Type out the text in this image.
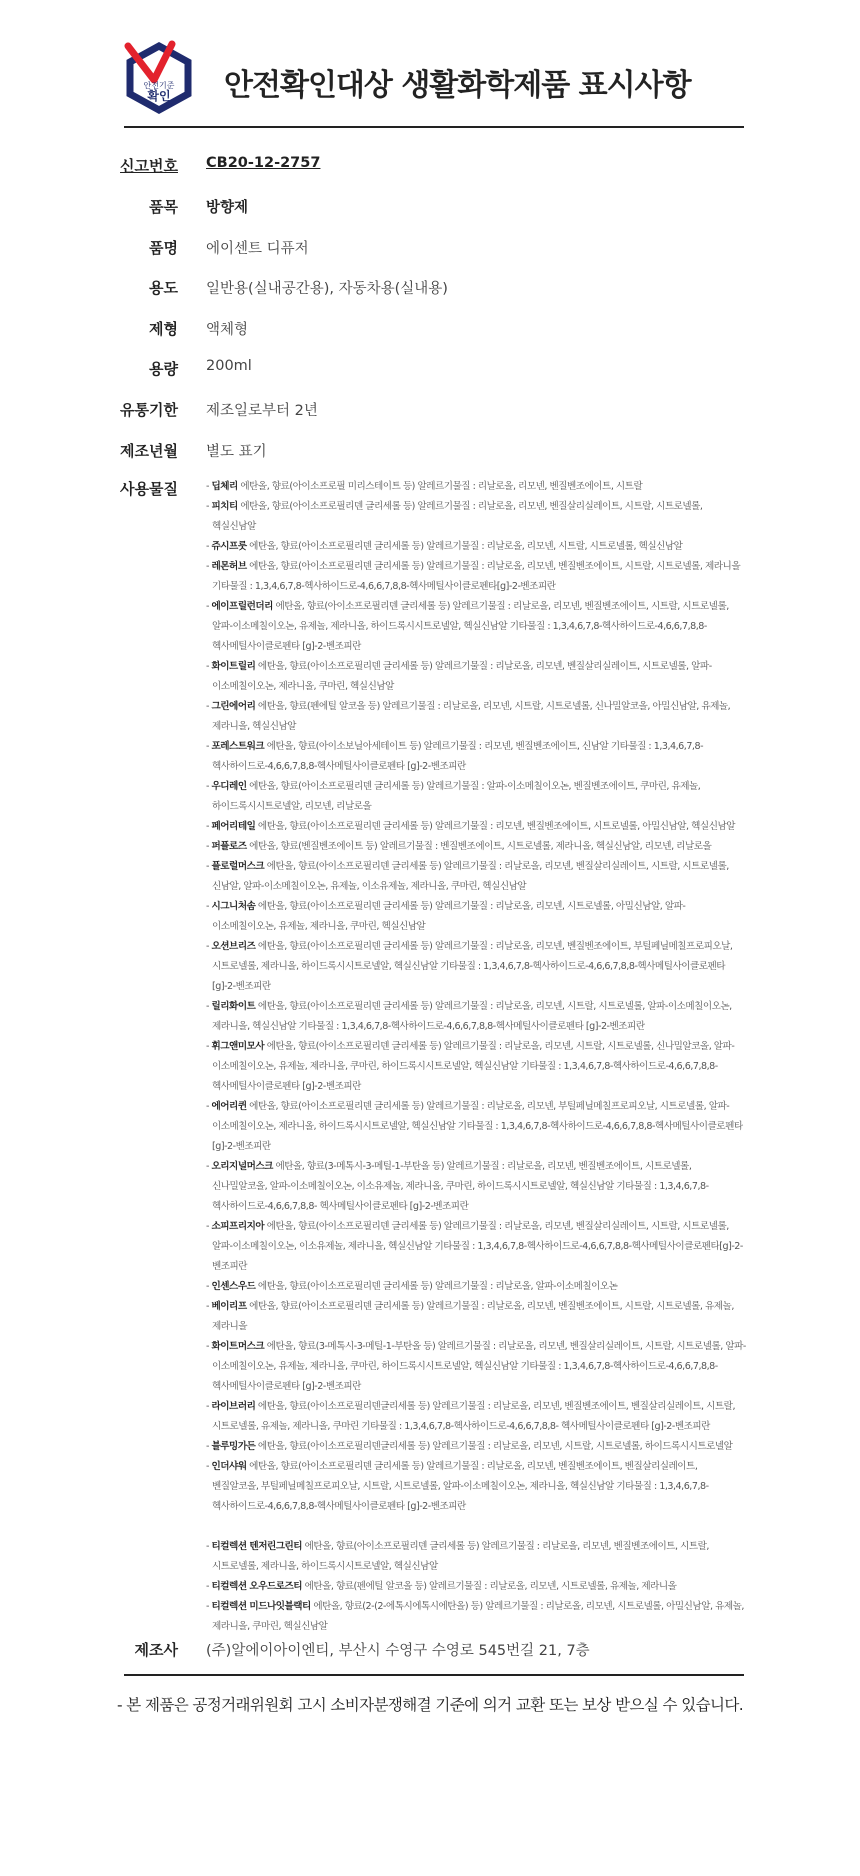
안전기준
확인 안전확인대상 생활화학제품 표시사항
신고번호 CB20-12-2757
품목 방향제
품명 에이센트 디퓨저
용도 일반용(실내공간용), 자동차용(실내용)
제형 액체형
용량 200ml
유통기한 제조일로부터 2년
제조년월 별도 표기
사용물질	- 딥체리 에탄올, 향료(아이소프로필 미리스테이트 등) 알레르기물질 : 리날로올, 리모넨, 벤질벤조에이트, 시트랄
- 피치티 에탄올, 향료(아이소프로필리덴 글리세롤 등) 알레르기물질 : 리날로올, 리모넨, 벤질살리실레이트, 시트랄, 시트로넬롤, 헥실신남알
- 쥬시프룻 에탄올, 향료(아이소프로필리덴 글리세롤 등) 알레르기물질 : 리날로올, 리모넨, 시트랄, 시트로넬롤, 헥실신남알
- 레몬허브 에탄올, 향료(아이소프로필리덴 글리세롤 등) 알레르기물질 : 리날로올, 리모넨, 벤질벤조에이트, 시트랄, 시트로넬롤, 제라니올 기타물질 : 1,3,4,6,7,8-헥사하이드로-4,6,6,7,8,8-헥사메틸사이클로펜타[g]-2-벤조피란
- 에이프릴런더리 에탄올, 향료(아이소프로필리덴 글리세롤 등) 알레르기물질 : 리날로올, 리모넨, 벤질벤조에이트, 시트랄, 시트로넬롤, 알파-이소메칠이오논, 유제놀, 제라니올, 하이드록시시트로넬알, 헥실신남알 기타물질 : 1,3,4,6,7,8-헥사하이드로-4,6,6,7,8,8-헥사메틸사이클로펜타 [g]-2-벤조피란
- 화이트릴리 에탄올, 향료(아이소프로필리덴 글리세롤 등) 알레르기물질 : 리날로올, 리모넨, 벤질살리실레이트, 시트로넬롤, 알파-이소메칠이오논, 제라니올, 쿠마린, 헥실신남알
- 그린에어리 에탄올, 향료(펜에틸 알코올 등) 알레르기물질 : 리날로올, 리모넨, 시트랄, 시트로넬롤, 신나밀알코올, 아밀신남알, 유제놀, 제라니올, 헥실신남알
- 포레스트워크 에탄올, 향료(아이소보닐아세테이트 등) 알레르기물질 : 리모넨, 벤질벤조에이트, 신남알 기타물질 : 1,3,4,6,7,8-헥사하이드로-4,6,6,7,8,8-헥사메틸사이클로펜타 [g]-2-벤조피란
- 우디레인 에탄올, 향료(아이소프로필리덴 글리세롤 등) 알레르기물질 : 알파-이소메칠이오논, 벤질벤조에이트, 쿠마린, 유제놀, 하이드록시시트로넬알, 리모넨, 리날로올
- 페어리테일 에탄올, 향료(아이소프로필리덴 글리세롤 등) 알레르기물질 : 리모넨, 벤질벤조에이트, 시트로넬롤, 아밀신남알, 헥실신남알
- 퍼플로즈 에탄올, 향료(벤질벤조에이트 등) 알레르기물질 : 벤질벤조에이트, 시트로넬롤, 제라니올, 헥실신남알, 리모넨, 리날로올
- 플로럴머스크 에탄올, 향료(아이소프로필리덴 글리세롤 등) 알레르기물질 : 리날로올, 리모넨, 벤질살리실레이트, 시트랄, 시트로넬롤, 신남알, 알파-이소메칠이오논, 유제놀, 이소유제놀, 제라니올, 쿠마린, 헥실신남알
- 시그니처솜 에탄올, 향료(아이소프로필리덴 글리세롤 등) 알레르기물질 : 리날로올, 리모넨, 시트로넬롤, 아밀신남알, 알파-이소메칠이오논, 유제놀, 제라니올, 쿠마린, 헥실신남알
- 오션브리즈 에탄올, 향료(아이소프로필리덴 글리세롤 등) 알레르기물질 : 리날로올, 리모넨, 벤질벤조에이트, 부틸페닐메칠프로피오날, 시트로넬롤, 제라니올, 하이드록시시트로넬알, 헥실신남알 기타물질 : 1,3,4,6,7,8-헥사하이드로-4,6,6,7,8,8-헥사메틸사이클로펜타[g]-2-벤조피란
- 릴리화이트 에탄올, 향료(아이소프로필리덴 글리세롤 등) 알레르기물질 : 리날로올, 리모넨, 시트랄, 시트로넬롤, 알파-이소메칠이오논, 제라니올, 헥실신남알 기타물질 : 1,3,4,6,7,8-헥사하이드로-4,6,6,7,8,8-헥사메틸사이클로펜타 [g]-2-벤조피란
- 휘그앤미모사 에탄올, 향료(아이소프로필리덴 글리세롤 등) 알레르기물질 : 리날로올, 리모넨, 시트랄, 시트로넬롤, 신나밀알코올, 알파-이소메칠이오논, 유제놀, 제라니올, 쿠마린, 하이드록시시트로넬알, 헥실신남알 기타물질 : 1,3,4,6,7,8-헥사하이드로-4,6,6,7,8,8-헥사메틸사이클로펜타 [g]-2-벤조피란
- 에어리퀸 에탄올, 향료(아이소프로필리덴 글리세롤 등) 알레르기물질 : 리날로올, 리모넨, 부틸페닐메칠프로피오날, 시트로넬롤, 알파-이소메칠이오논, 제라니올, 하이드록시시트로넬알, 헥실신남알 기타물질 : 1,3,4,6,7,8-헥사하이드로-4,6,6,7,8,8-헥사메틸사이클로펜타[g]-2-벤조피란
- 오리지널머스크 에탄올, 향료(3-메톡시-3-메틸-1-부탄올 등) 알레르기물질 : 리날로올, 리모넨, 벤질벤조에이트, 시트로넬롤, 신나밀알코올, 알파-이소메칠이오논, 이소유제놀, 제라니올, 쿠마린, 하이드록시시트로넬알, 헥실신남알 기타물질 : 1,3,4,6,7,8-헥사하이드로-4,6,6,7,8,8- 헥사메틸사이클로펜타 [g]-2-벤조피란
- 소피프리지아 에탄올, 향료(아이소프로필리덴 글리세롤 등) 알레르기물질 : 리날로올, 리모넨, 벤질살리실레이트, 시트랄, 시트로넬롤, 알파-이소메칠이오논, 이소유제놀, 제라니올, 헥실신남알 기타물질 : 1,3,4,6,7,8-헥사하이드로-4,6,6,7,8,8-헥사메틸사이클로펜타[g]-2-벤조피란
- 인센스우드 에탄올, 향료(아이소프로필리덴 글리세롤 등) 알레르기물질 : 리날로올, 알파-이소메칠이오논
- 베이리프 에탄올, 향료(아이소프로필리덴 글리세롤 등) 알레르기물질 : 리날로올, 리모넨, 벤질벤조에이트, 시트랄, 시트로넬롤, 유제놀, 제라니올
- 화이트머스크 에탄올, 향료(3-메톡시-3-메틸-1-부탄올 등) 알레르기물질 : 리날로올, 리모넨, 벤질살리실레이트, 시트랄, 시트로넬롤, 알파-이소메칠이오논, 유제놀, 제라니올, 쿠마린, 하이드록시시트로넬알, 헥실신남알 기타물질 : 1,3,4,6,7,8-헥사하이드로-4,6,6,7,8,8- 헥사메틸사이클로펜타 [g]-2-벤조피란
- 라이브러리 에탄올, 향료(아이소프로필리덴글리세롤 등) 알레르기물질 : 리날로올, 리모넨, 벤질벤조에이트, 벤질살리실레이트, 시트랄, 시트로넬롤, 유제놀, 제라니올, 쿠마린 기타물질 : 1,3,4,6,7,8-헥사하이드로-4,6,6,7,8,8- 헥사메틸사이클로펜타 [g]-2-벤조피란
- 블루밍가든 에탄올, 향료(아이소프로필리덴글리세롤 등) 알레르기물질 : 리날로올, 리모넨, 시트랄, 시트로넬롤, 하이드록시시트로넬알
- 인더샤워 에탄올, 향료(아이소프로필리덴 글리세롤 등) 알레르기물질 : 리날로올, 리모넨, 벤질벤조에이트, 벤질살리실레이트, 벤질알코올, 부틸페닐메칠프로피오날, 시트랄, 시트로넬롤, 알파-이소메칠이오논, 제라니올, 헥실신남알 기타물질 : 1,3,4,6,7,8-헥사하이드로-4,6,6,7,8,8-헥사메틸사이클로펜타 [g]-2-벤조피란
- 티컬렉션 텐저린그린티 에탄올, 향료(아이소프로필리덴 글리세롤 등) 알레르기물질 : 리날로올, 리모넨, 벤질벤조에이트, 시트랄, 시트로넬롤, 제라니올, 하이드록시시트로넬알, 헥실신남알
- 티컬렉션 오우드로즈티 에탄올, 향료(펜에틸 알코올 등) 알레르기물질 : 리날로올, 리모넨, 시트로넬롤, 유제놀, 제라니올
- 티컬렉션 미드나잇블랙티 에탄올, 향료(2-(2-에톡시에톡시에탄올) 등) 알레르기물질 : 리날로올, 리모넨, 시트로넬롤, 아밀신남알, 유제놀, 제라니올, 쿠마린, 헥실신남알
제조사 (주)알에이아이엔티, 부산시 수영구 수영로 545번길 21, 7층
- 본 제품은 공정거래위원회 고시 소비자분쟁해결 기준에 의거 교환 또는 보상 받으실 수 있습니다.
